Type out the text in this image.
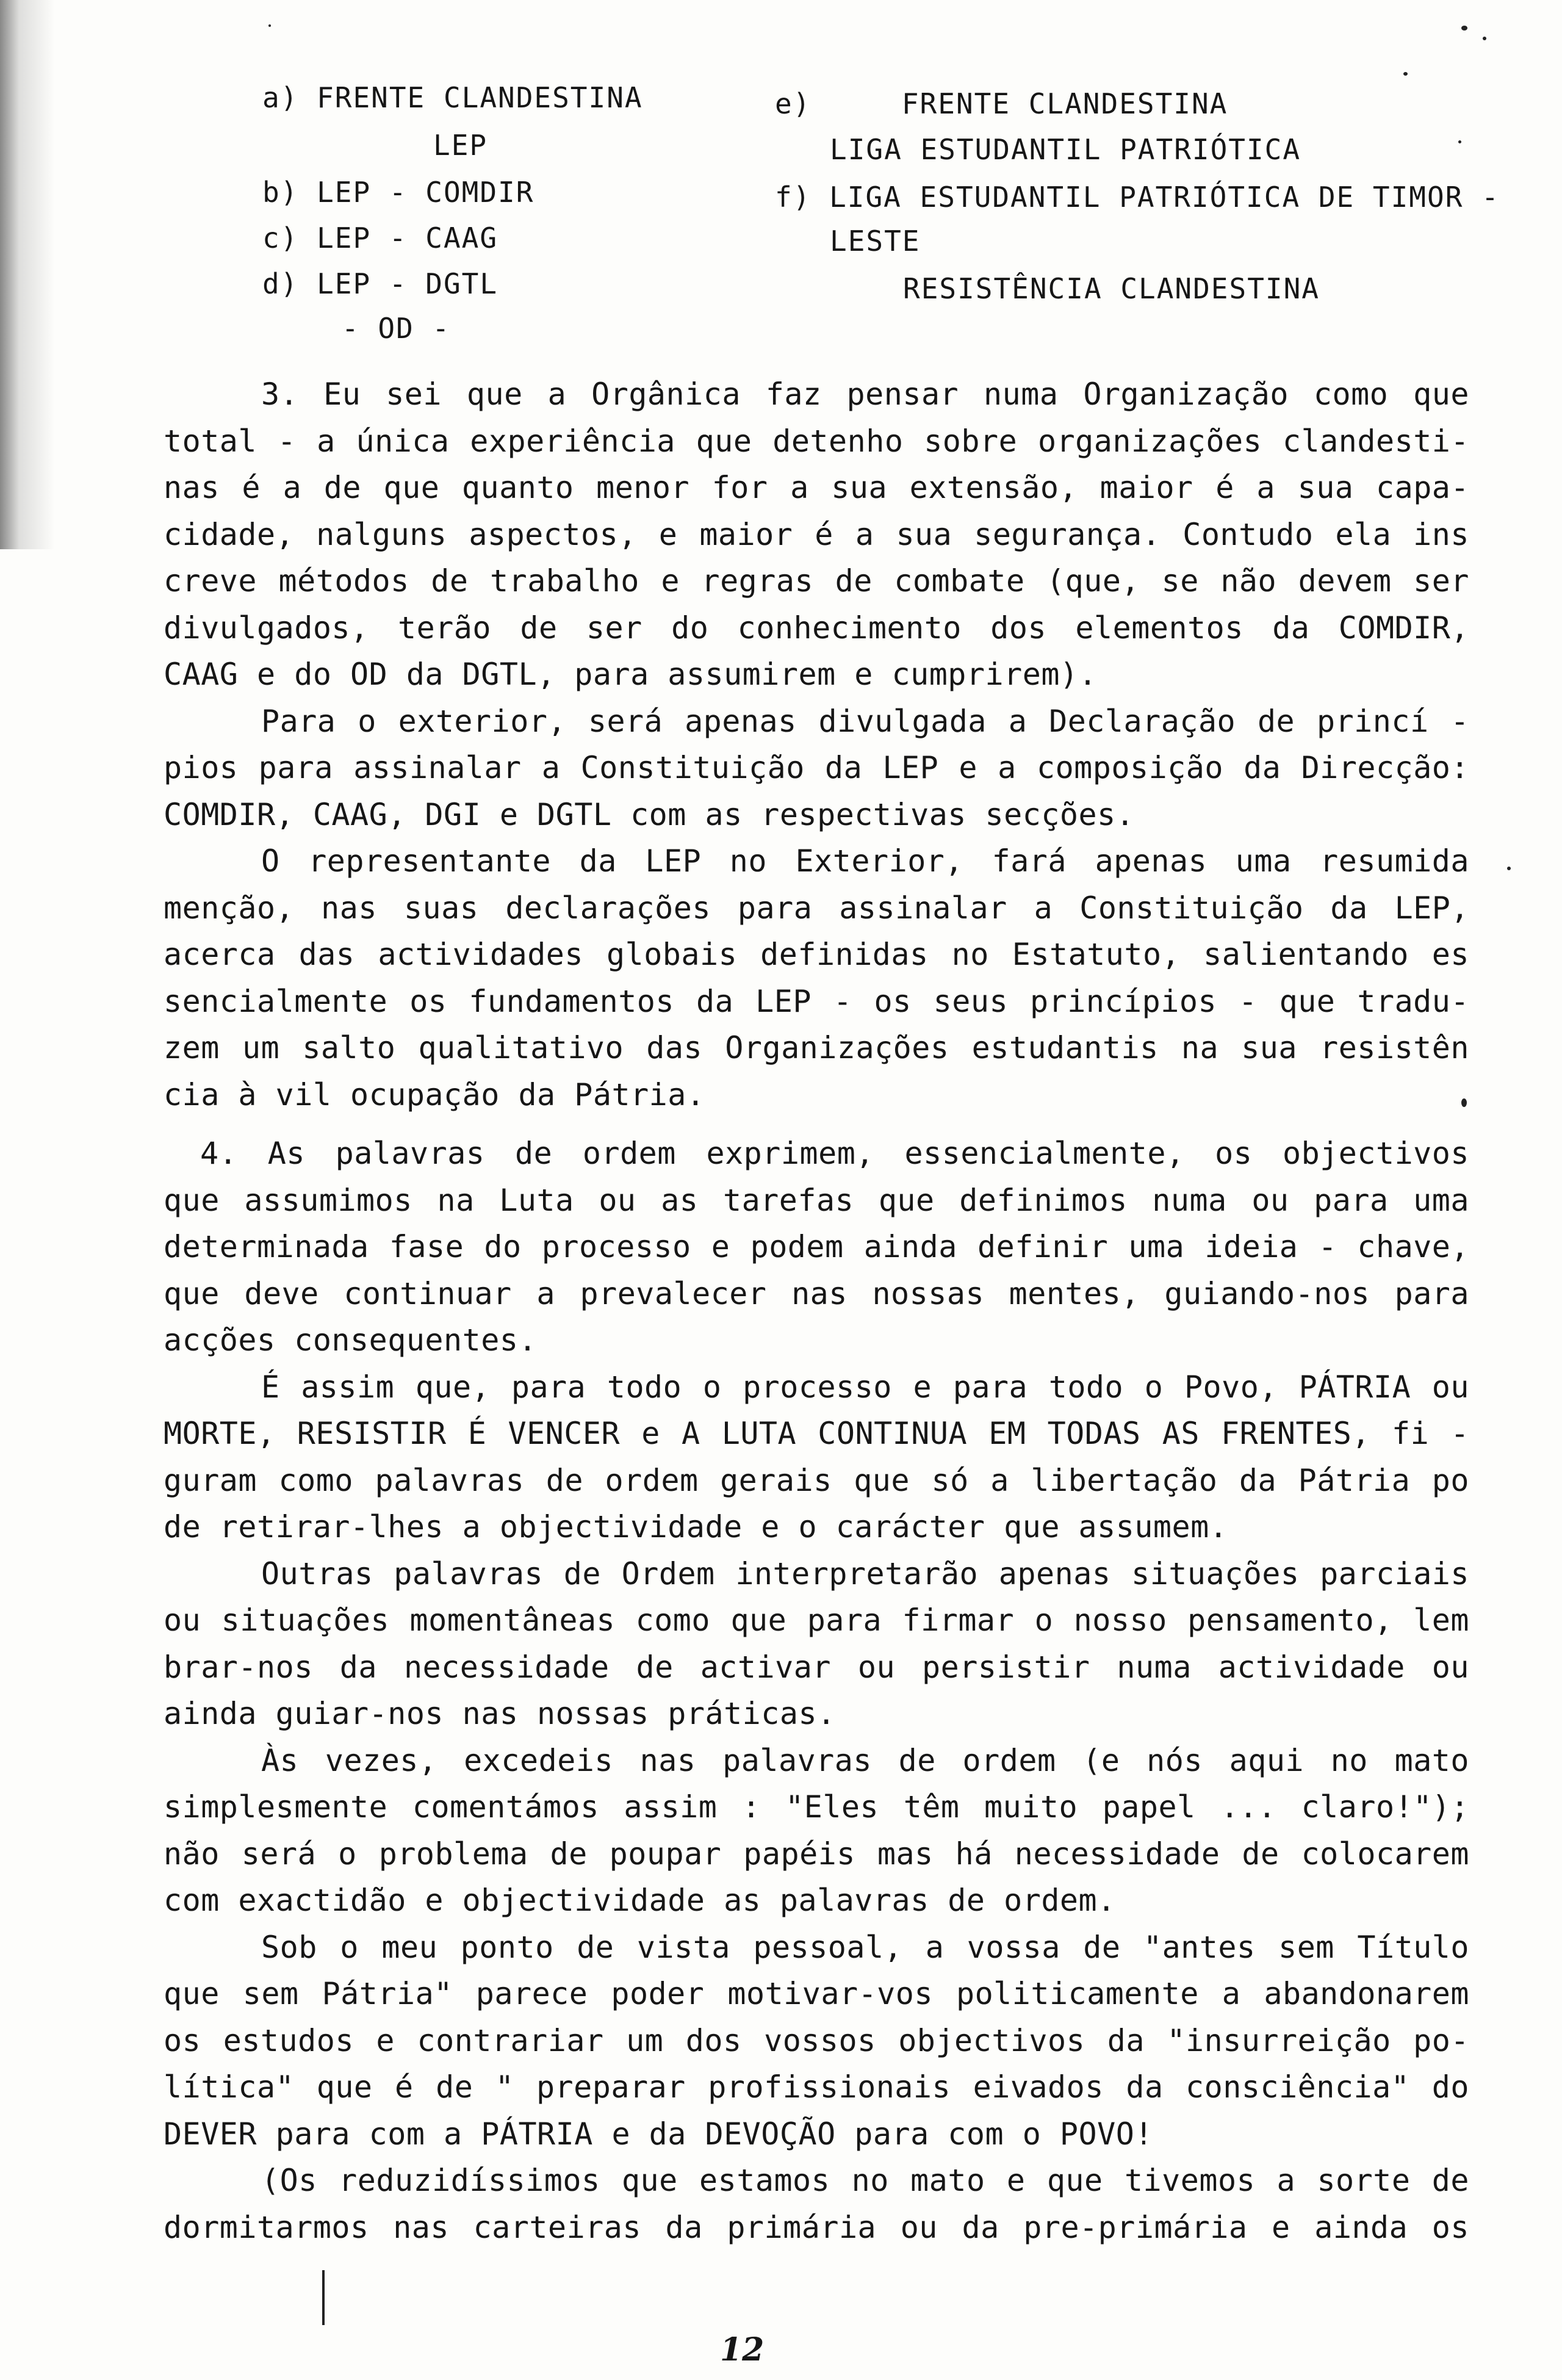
a) FRENTE CLANDESTINA
LEP
b) LEP - COMDIR
c) LEP - CAAG
d) LEP - DGTL
- OD -
e)     FRENTE CLANDESTINA
LIGA ESTUDANTIL PATRIÓTICA
f) LIGA ESTUDANTIL PATRIÓTICA DE TIMOR -
LESTE
RESISTÊNCIA CLANDESTINA
3. Eu sei que a Orgânica faz pensar numa Organização como que
total - a única experiência que detenho sobre organizações clandesti-
nas é a de que quanto menor for a sua extensão, maior é a sua capa-
cidade, nalguns aspectos, e maior é a sua segurança. Contudo ela ins
creve métodos de trabalho e regras de combate (que, se não devem ser
divulgados, terão de ser do conhecimento dos elementos da COMDIR,
CAAG e do OD da DGTL, para assumirem e cumprirem).
Para o exterior, será apenas divulgada a Declaração de princí -
pios para assinalar a Constituição da LEP e a composição da Direcção:
COMDIR, CAAG, DGI e DGTL com as respectivas secções.
O representante da LEP no Exterior, fará apenas uma resumida
menção, nas suas declarações para assinalar a Constituição da LEP,
acerca das actividades globais definidas no Estatuto, salientando es
sencialmente os fundamentos da LEP - os seus princípios - que tradu-
zem um salto qualitativo das Organizações estudantis na sua resistên
cia à vil ocupação da Pátria.
4. As palavras de ordem exprimem, essencialmente, os objectivos
que assumimos na Luta ou as tarefas que definimos numa ou para uma
determinada fase do processo e podem ainda definir uma ideia - chave,
que deve continuar a prevalecer nas nossas mentes, guiando-nos para
acções consequentes.
É assim que, para todo o processo e para todo o Povo, PÁTRIA ou
MORTE, RESISTIR É VENCER e A LUTA CONTINUA EM TODAS AS FRENTES, fi -
guram como palavras de ordem gerais que só a libertação da Pátria po
de retirar-lhes a objectividade e o carácter que assumem.
Outras palavras de Ordem interpretarão apenas situações parciais
ou situações momentâneas como que para firmar o nosso pensamento, lem
brar-nos da necessidade de activar ou persistir numa actividade ou
ainda guiar-nos nas nossas práticas.
Às vezes, excedeis nas palavras de ordem (e nós aqui no mato
simplesmente comentámos assim : "Eles têm muito papel ... claro!");
não será o problema de poupar papéis mas há necessidade de colocarem
com exactidão e objectividade as palavras de ordem.
Sob o meu ponto de vista pessoal, a vossa de "antes sem Título
que sem Pátria" parece poder motivar-vos politicamente a abandonarem
os estudos e contrariar um dos vossos objectivos da "insurreição po-
lítica" que é de " preparar profissionais eivados da consciência" do
DEVER para com a PÁTRIA e da DEVOÇÃO para com o POVO!
(Os reduzidíssimos que estamos no mato e que tivemos a sorte de
dormitarmos nas carteiras da primária ou da pre-primária e ainda os
12
